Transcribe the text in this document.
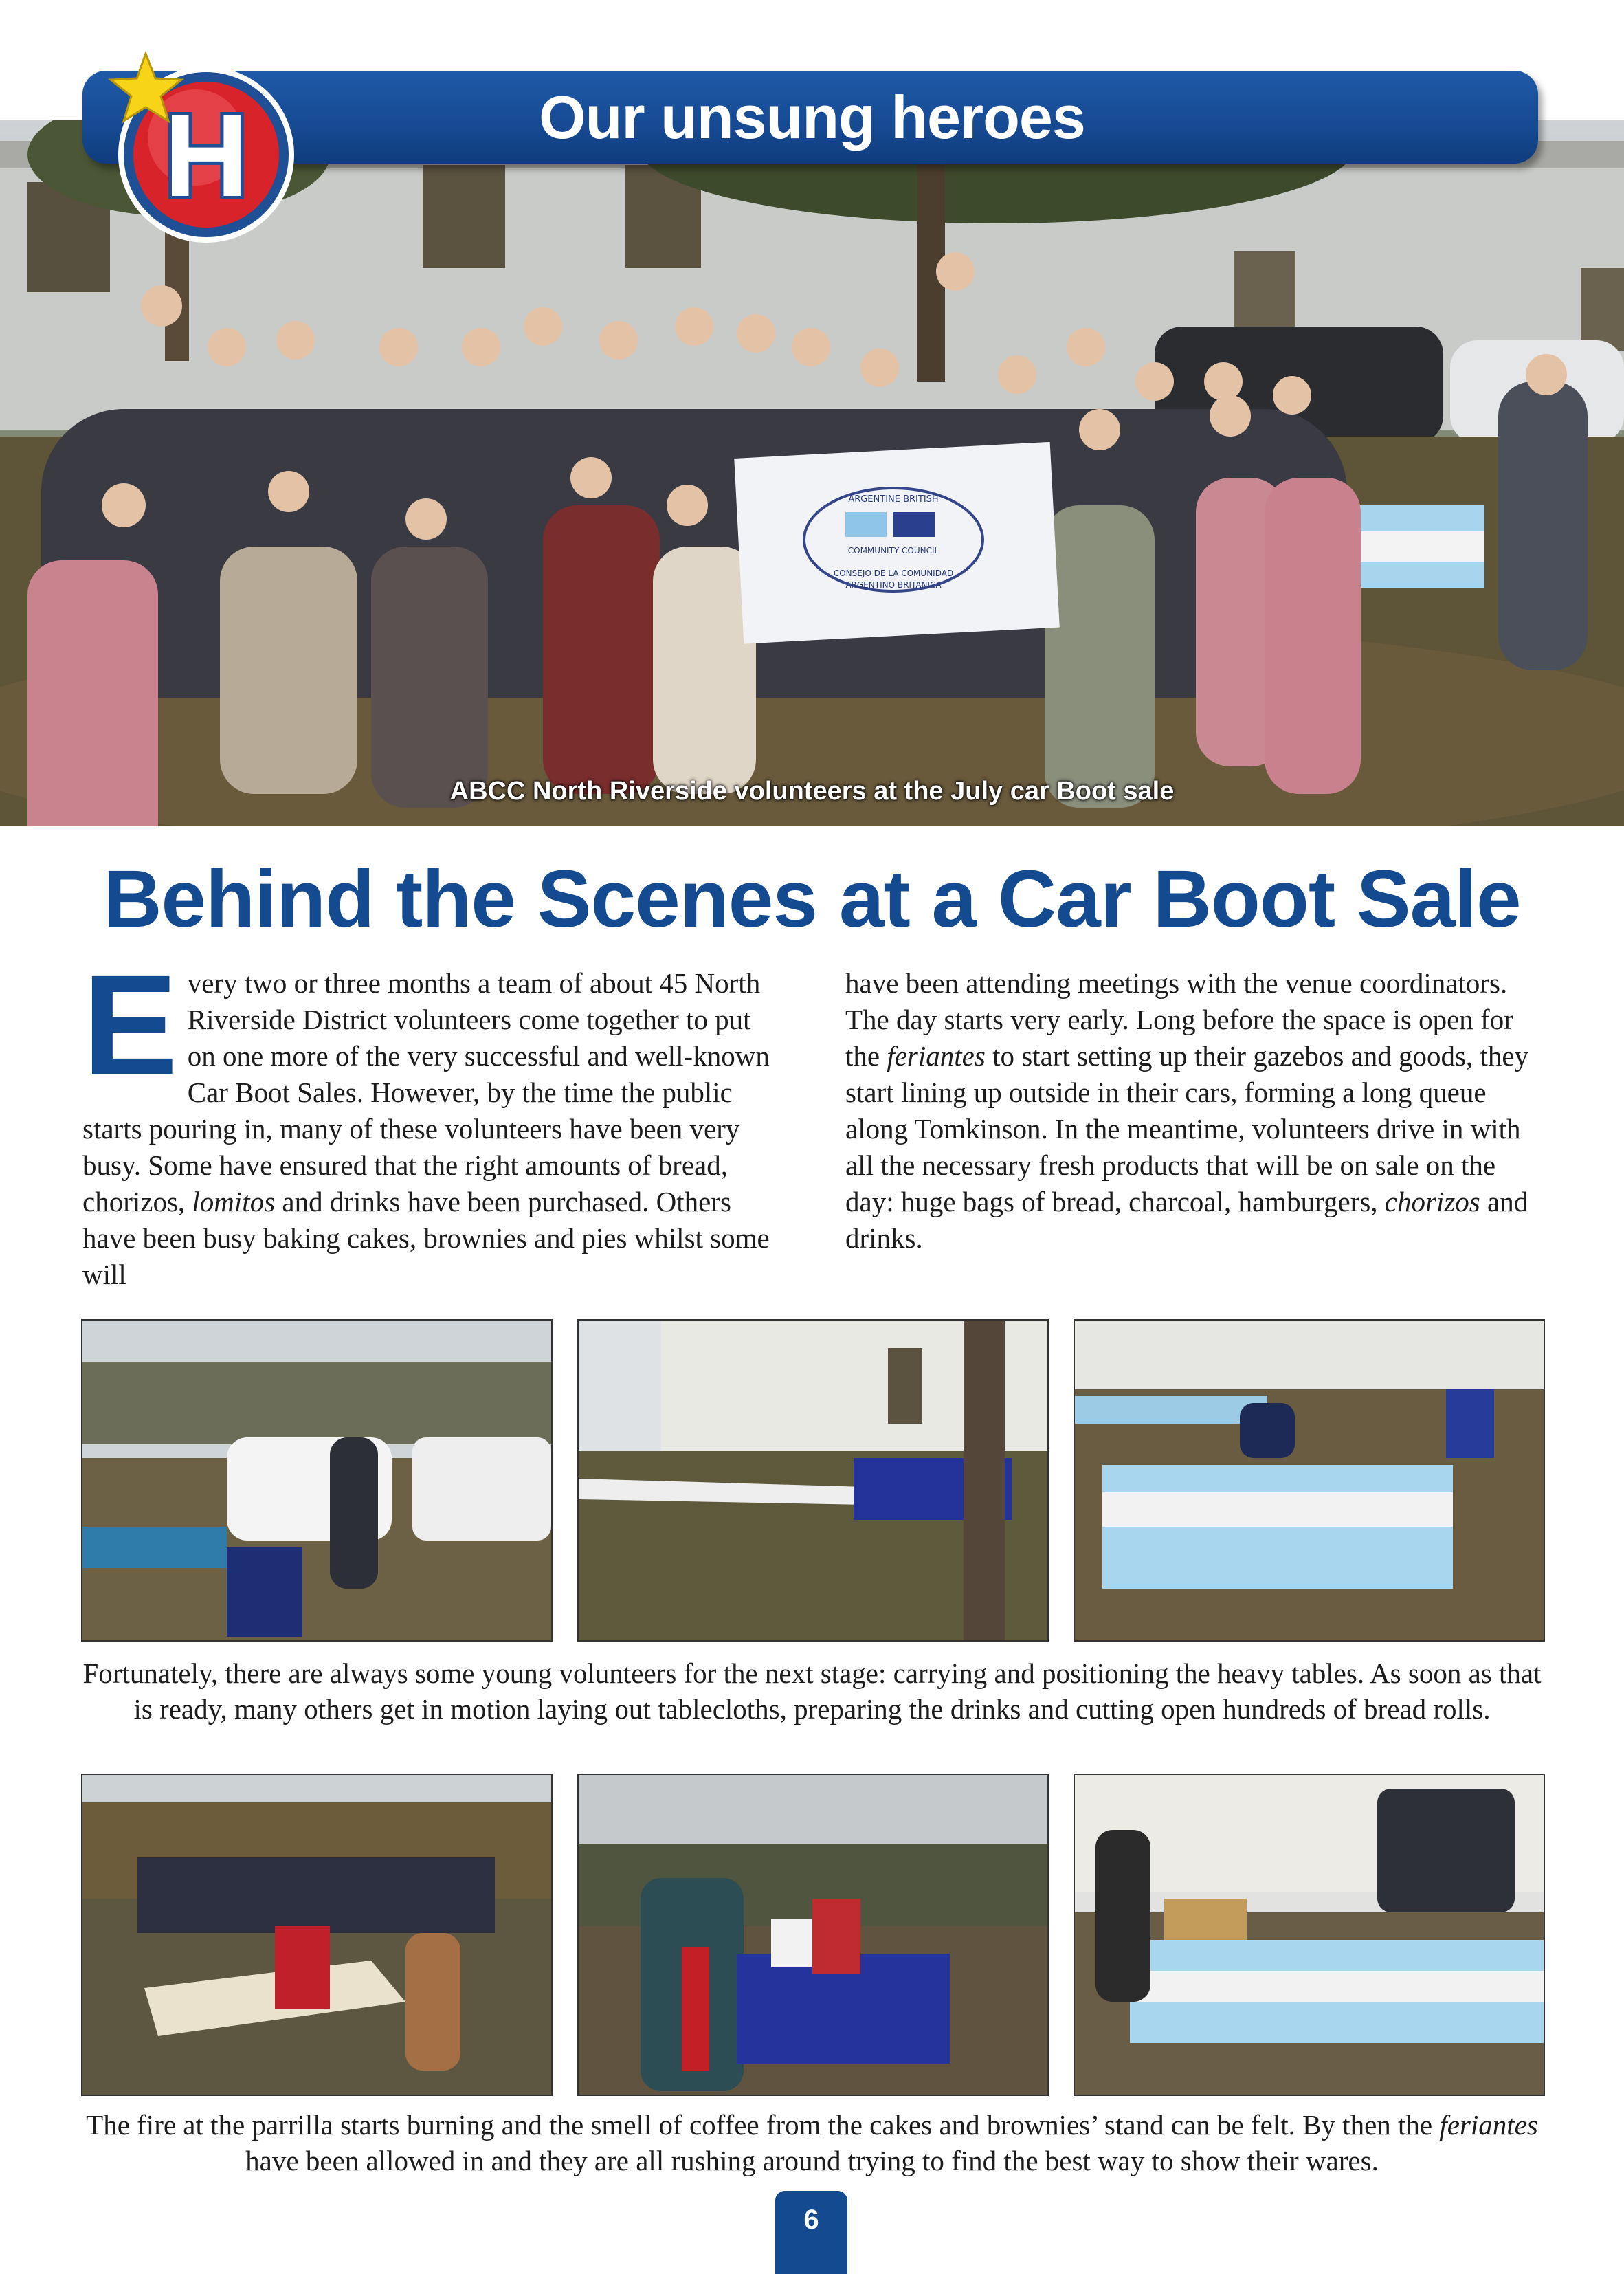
ARGENTINE BRITISH
COMMUNITY COUNCIL
CONSEJO DE LA COMUNIDAD
ARGENTINO BRITANICA
ABCC North Riverside volunteers at the July car Boot sale
Our unsung heroes
H
Behind the Scenes at a Car Boot Sale

Every two or three months a team of about 45 North Riverside District volunteers come together to put on one more of the very successful and well-known Car Boot Sales. However, by the time the public starts pouring in, many of these volunteers have been very busy. Some have ensured that the right amounts of bread, chorizos, lomitos and drinks have been purchased. Others have been busy baking cakes, brownies and pies whilst some will

have been attending meetings with the venue coordinators.

The day starts very early. Long before the space is open for the feriantes to start setting up their gazebos and goods, they start lining up outside in their cars, forming a long queue along Tomkinson. In the meantime, volunteers drive in with all the necessary fresh products that will be on sale on the day: huge bags of bread, charcoal, hamburgers, chorizos and drinks.

Fortunately, there are always some young volunteers for the next stage: carrying and positioning the heavy tables. As soon as that is ready, many others get in motion laying out tablecloths, preparing the drinks and cutting open hundreds of bread rolls.
The fire at the parrilla starts burning and the smell of coffee from the cakes and brownies’ stand can be felt. By then the feriantes have been allowed in and they are all rushing around trying to find the best way to show their wares.
6
